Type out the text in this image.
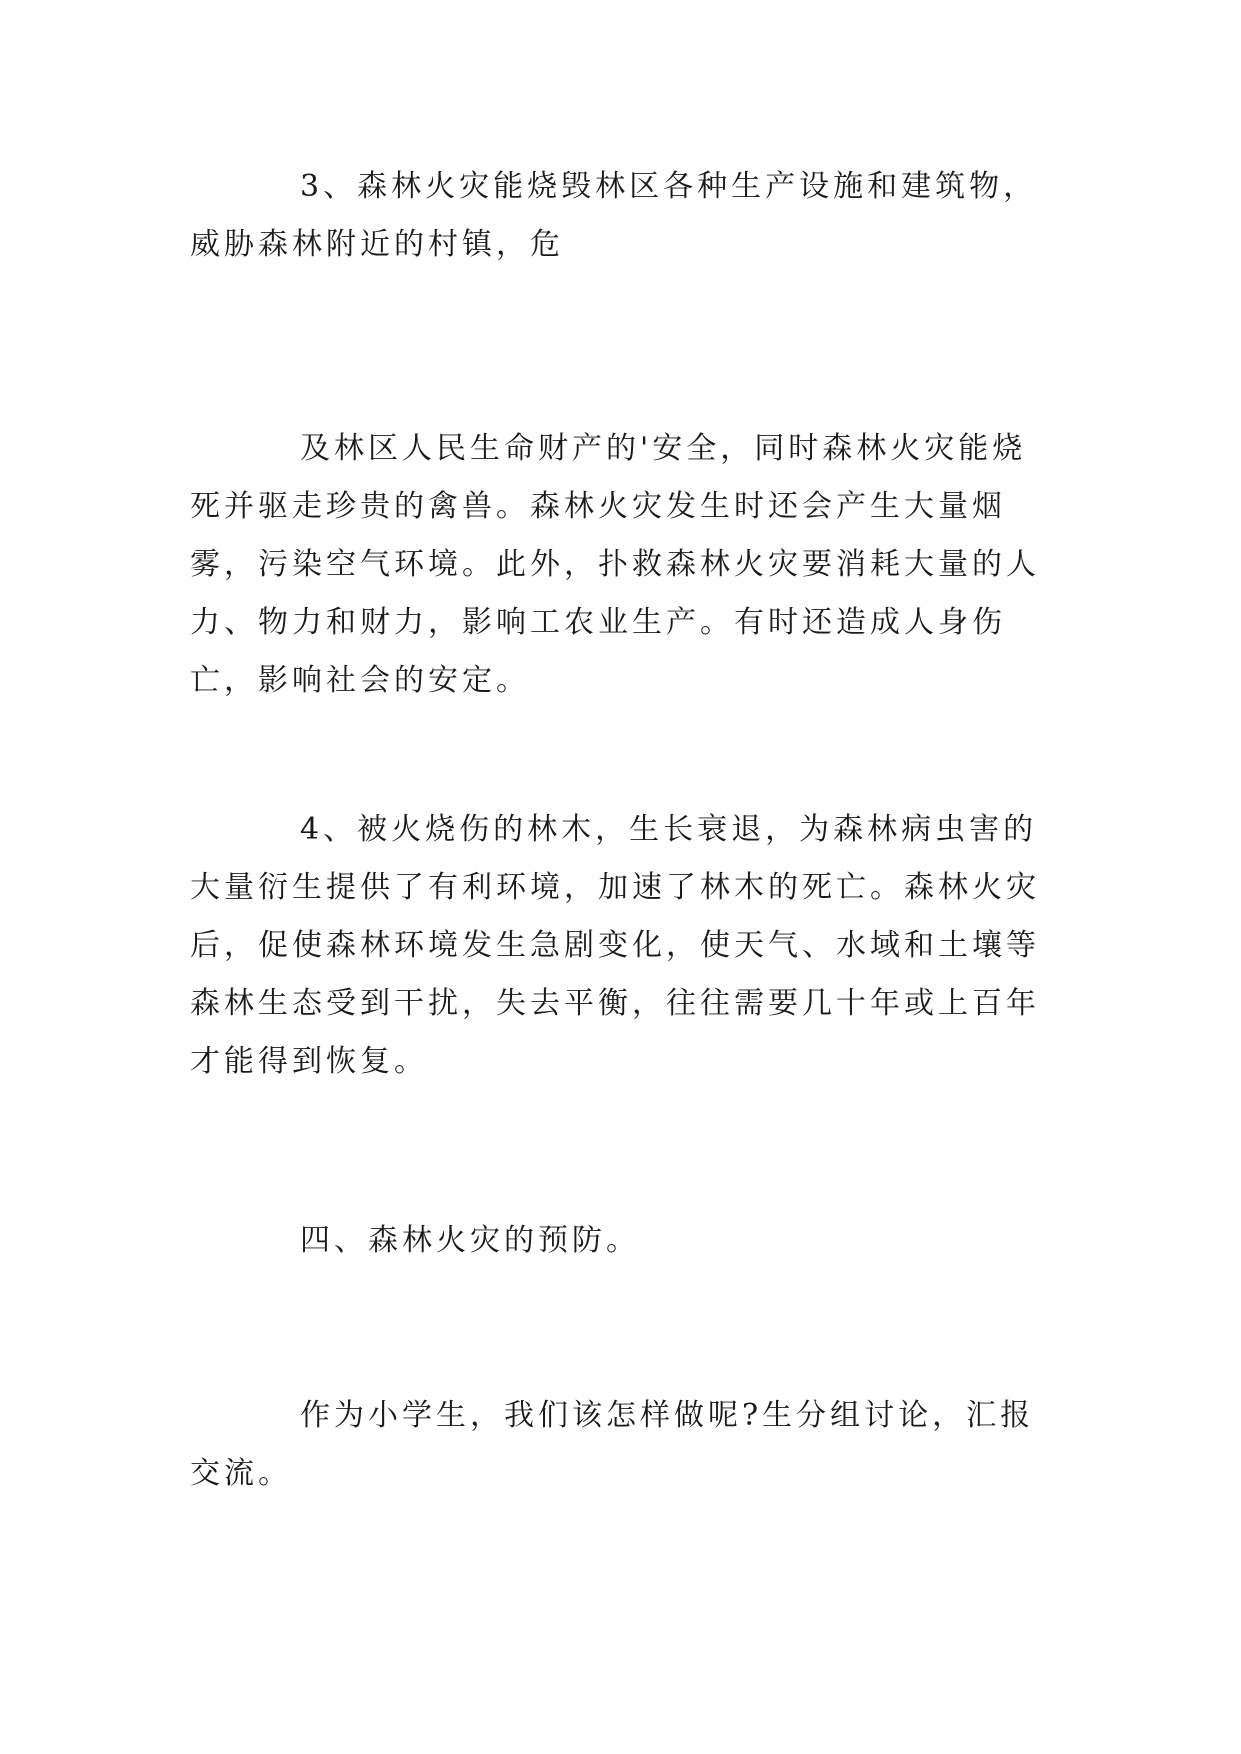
3、森林火灾能烧毁林区各种生产设施和建筑物，威胁森林附近的村镇，危

及林区人民生命财产的'安全，同时森林火灾能烧死并驱走珍贵的禽兽。森林火灾发生时还会产生大量烟雾，污染空气环境。此外，扑救森林火灾要消耗大量的人力、物力和财力，影响工农业生产。有时还造成人身伤亡，影响社会的安定。

4、被火烧伤的林木，生长衰退，为森林病虫害的大量衍生提供了有利环境，加速了林木的死亡。森林火灾后，促使森林环境发生急剧变化，使天气、水域和土壤等森林生态受到干扰，失去平衡，往往需要几十年或上百年才能得到恢复。

四、森林火灾的预防。

作为小学生，我们该怎样做呢?生分组讨论，汇报交流。
